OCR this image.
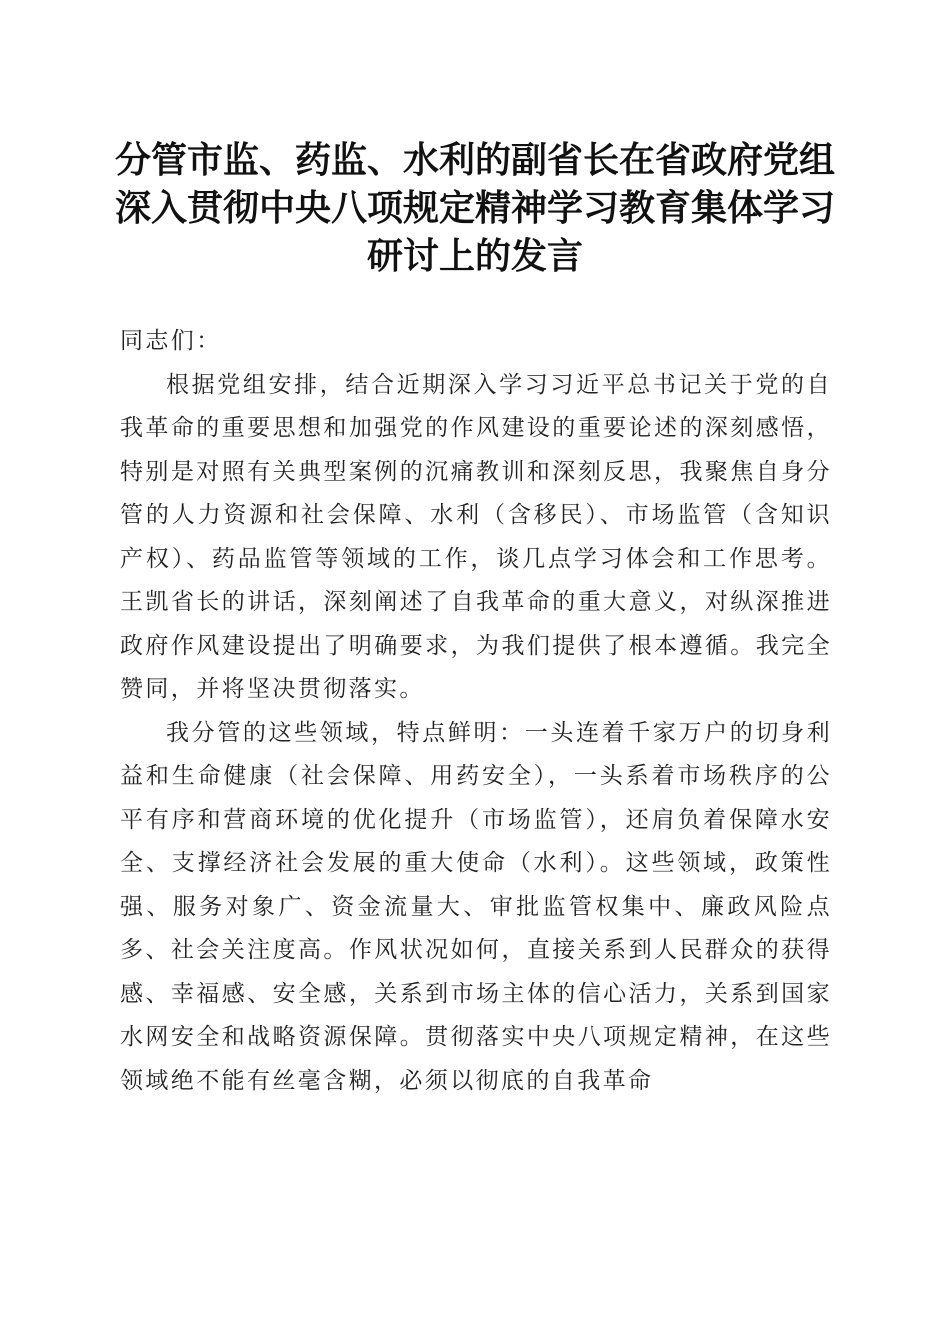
分管市监、药监、水利的副省长在省政府党组
深入贯彻中央八项规定精神学习教育集体学习
研讨上的发言

同志们：

根据党组安排，结合近期深入学习习近平总书记关于党的自我革命的重要思想和加强党的作风建设的重要论述的深刻感悟，特别是对照有关典型案例的沉痛教训和深刻反思，我聚焦自身分管的人力资源和社会保障、水利（含移民）、市场监管（含知识产权）、药品监管等领域的工作，谈几点学习体会和工作思考。王凯省长的讲话，深刻阐述了自我革命的重大意义，对纵深推进政府作风建设提出了明确要求，为我们提供了根本遵循。我完全赞同，并将坚决贯彻落实。

我分管的这些领域，特点鲜明：一头连着千家万户的切身利益和生命健康（社会保障、用药安全），一头系着市场秩序的公平有序和营商环境的优化提升（市场监管），还肩负着保障水安全、支撑经济社会发展的重大使命（水利）。这些领域，政策性强、服务对象广、资金流量大、审批监管权集中、廉政风险点多、社会关注度高。作风状况如何，直接关系到人民群众的获得感、幸福感、安全感，关系到市场主体的信心活力，关系到国家水网安全和战略资源保障。贯彻落实中央八项规定精神，在这些领域绝不能有丝毫含糊，必须以彻底的自我革命
